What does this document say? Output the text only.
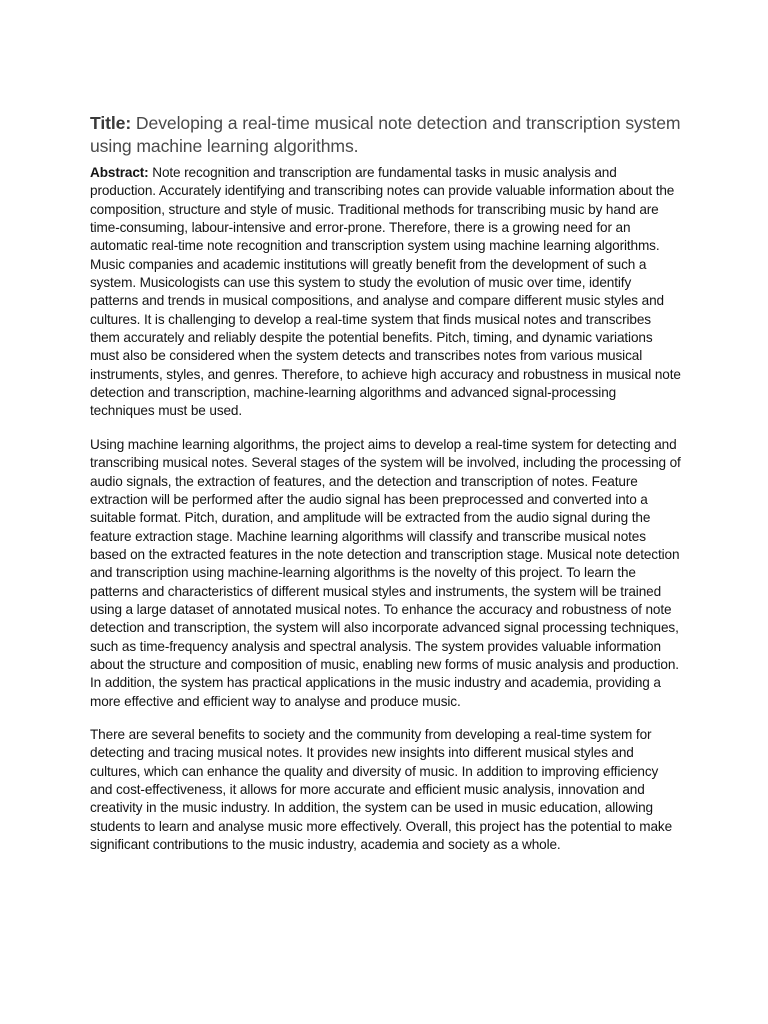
Title: Developing a real-time musical note detection and transcription system using machine learning algorithms.

Abstract: Note recognition and transcription are fundamental tasks in music analysis and production. Accurately identifying and transcribing notes can provide valuable information about the composition, structure and style of music. Traditional methods for transcribing music by hand are time-consuming, labour-intensive and error-prone. Therefore, there is a growing need for an automatic real-time note recognition and transcription system using machine learning algorithms. Music companies and academic institutions will greatly benefit from the development of such a system. Musicologists can use this system to study the evolution of music over time, identify patterns and trends in musical compositions, and analyse and compare different music styles and cultures. It is challenging to develop a real-time system that finds musical notes and transcribes them accurately and reliably despite the potential benefits. Pitch, timing, and dynamic variations must also be considered when the system detects and transcribes notes from various musical instruments, styles, and genres. Therefore, to achieve high accuracy and robustness in musical note detection and transcription, machine-learning algorithms and advanced signal-processing techniques must be used.

Using machine learning algorithms, the project aims to develop a real-time system for detecting and transcribing musical notes. Several stages of the system will be involved, including the processing of audio signals, the extraction of features, and the detection and transcription of notes. Feature extraction will be performed after the audio signal has been preprocessed and converted into a suitable format. Pitch, duration, and amplitude will be extracted from the audio signal during the feature extraction stage. Machine learning algorithms will classify and transcribe musical notes based on the extracted features in the note detection and transcription stage. Musical note detection and transcription using machine-learning algorithms is the novelty of this project. To learn the patterns and characteristics of different musical styles and instruments, the system will be trained using a large dataset of annotated musical notes. To enhance the accuracy and robustness of note detection and transcription, the system will also incorporate advanced signal processing techniques, such as time-frequency analysis and spectral analysis. The system provides valuable information about the structure and composition of music, enabling new forms of music analysis and production. In addition, the system has practical applications in the music industry and academia, providing a more effective and efficient way to analyse and produce music.

There are several benefits to society and the community from developing a real-time system for detecting and tracing musical notes. It provides new insights into different musical styles and cultures, which can enhance the quality and diversity of music. In addition to improving efficiency and cost-effectiveness, it allows for more accurate and efficient music analysis, innovation and creativity in the music industry. In addition, the system can be used in music education, allowing students to learn and analyse music more effectively. Overall, this project has the potential to make significant contributions to the music industry, academia and society as a whole.
